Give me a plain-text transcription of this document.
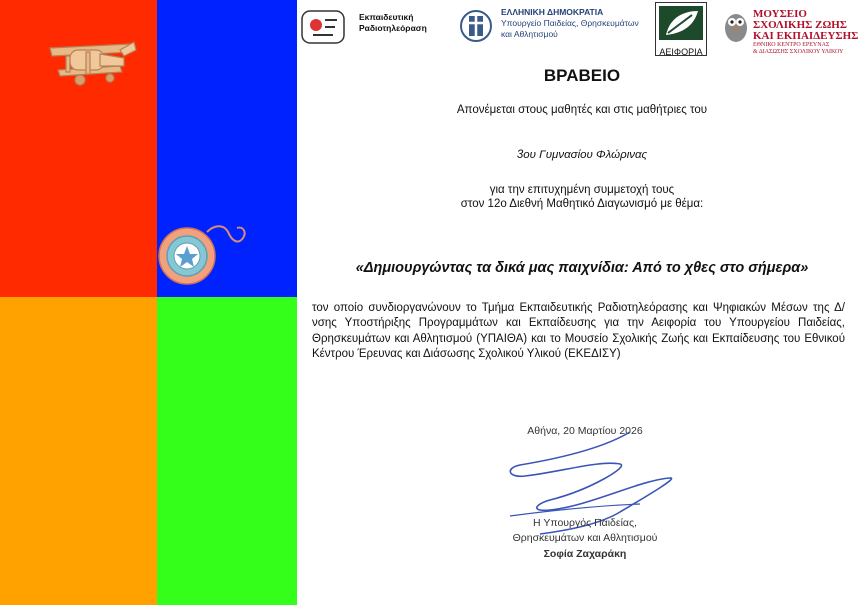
Εκπαιδευτική
Ραδιοτηλεόραση
ΕΛΛΗΝΙΚΗ ΔΗΜΟΚΡΑΤΙΑ
Υπουργείο Παιδείας, Θρησκευμάτων
και Αθλητισμού
ΑΕΙΦΟΡΙΑ
ΜΟΥΣΕΙΟ
ΣΧΟΛΙΚΗΣ ΖΩΗΣ
ΚΑΙ ΕΚΠΑΙΔΕΥΣΗΣ
ΕΘΝΙΚΟ ΚΕΝΤΡΟ ΕΡΕΥΝΑΣ
& ΔΙΑΣΩΣΗΣ ΣΧΟΛΙΚΟΥ ΥΛΙΚΟΥ
ΒΡΑΒΕΙΟ
Απονέμεται στους μαθητές και στις μαθήτριες του
3ου Γυμνασίου Φλώρινας
για την επιτυχημένη συμμετοχή τους
στον 12ο Διεθνή Μαθητικό Διαγωνισμό με θέμα:
«Δημιουργώντας τα δικά μας παιχνίδια: Από το χθες στο σήμερα»
τον οποίο συνδιοργανώνουν το Τμήμα Εκπαιδευτικής Ραδιοτηλεόρασης και Ψηφιακών Μέσων της Δ/νσης Υποστήριξης Προγραμμάτων και Εκπαίδευσης για την Αειφορία του Υπουργείου Παιδείας, Θρησκευμάτων και Αθλητισμού (ΥΠΑΙΘΑ) και το Μουσείο Σχολικής Ζωής και Εκπαίδευσης του Εθνικού Κέντρου Έρευνας και Διάσωσης Σχολικού Υλικού (ΕΚΕΔΙΣΥ)
Αθήνα, 20 Μαρτίου 2026
Η Υπουργός Παιδείας,
Θρησκευμάτων και Αθλητισμού
Σοφία Ζαχαράκη
